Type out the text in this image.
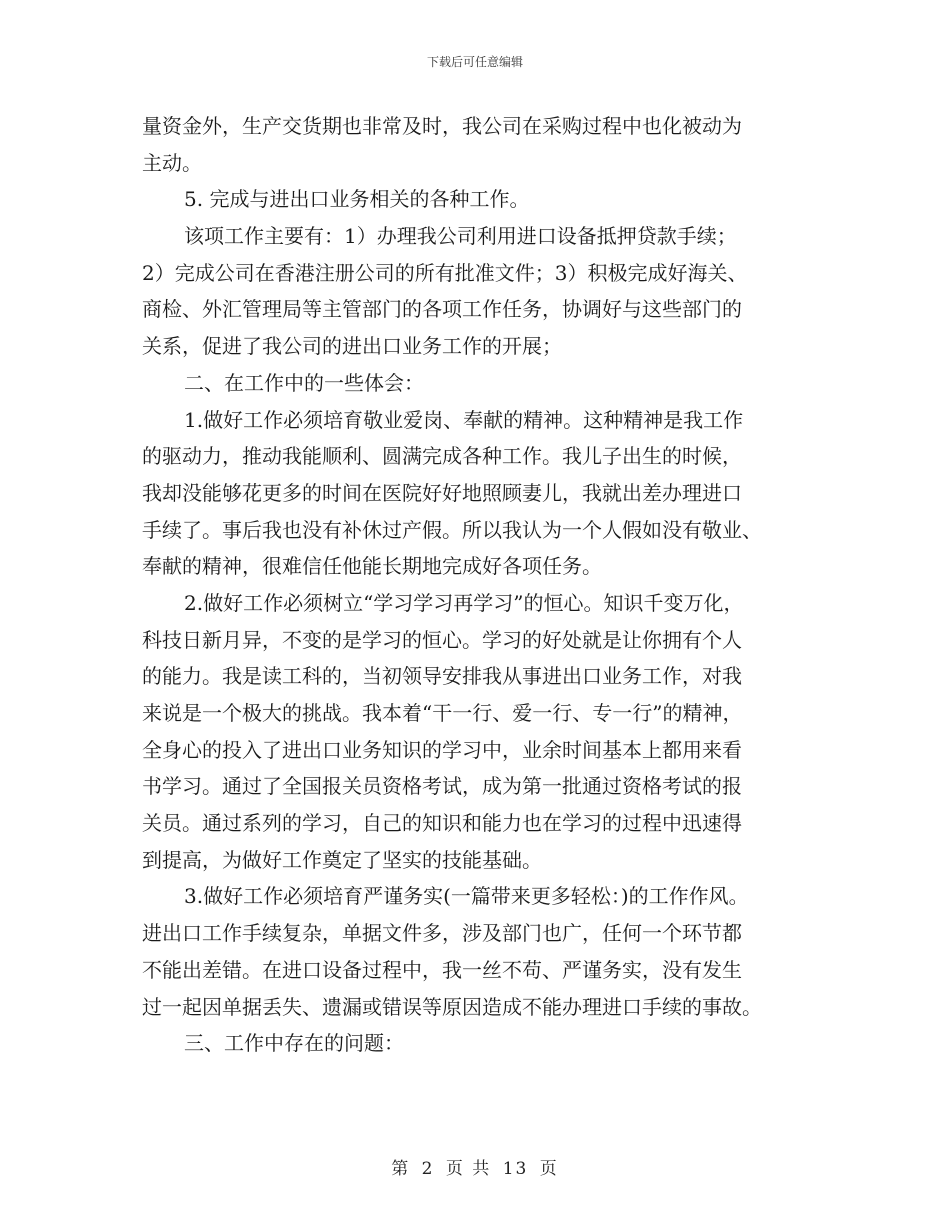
下载后可任意编辑
量资金外，生产交货期也非常及时，我公司在采购过程中也化被动为
主动。
5. 完成与进出口业务相关的各种工作。
该项工作主要有：1）办理我公司利用进口设备抵押贷款手续；
2）完成公司在香港注册公司的所有批准文件；3）积极完成好海关、
商检、外汇管理局等主管部门的各项工作任务，协调好与这些部门的
关系，促进了我公司的进出口业务工作的开展；
二、在工作中的一些体会：
1.做好工作必须培育敬业爱岗、奉献的精神。这种精神是我工作
的驱动力，推动我能顺利、圆满完成各种工作。我儿子出生的时候，
我却没能够花更多的时间在医院好好地照顾妻儿，我就出差办理进口
手续了。事后我也没有补休过产假。所以我认为一个人假如没有敬业、
奉献的精神，很难信任他能长期地完成好各项任务。
2.做好工作必须树立“学习学习再学习”的恒心。知识千变万化，
科技日新月异，不变的是学习的恒心。学习的好处就是让你拥有个人
的能力。我是读工科的，当初领导安排我从事进出口业务工作，对我
来说是一个极大的挑战。我本着“干一行、爱一行、专一行”的精神，
全身心的投入了进出口业务知识的学习中，业余时间基本上都用来看
书学习。通过了全国报关员资格考试，成为第一批通过资格考试的报
关员。通过系列的学习，自己的知识和能力也在学习的过程中迅速得
到提高，为做好工作奠定了坚实的技能基础。
3.做好工作必须培育严谨务实(一篇带来更多轻松：)的工作作风。
进出口工作手续复杂，单据文件多，涉及部门也广，任何一个环节都
不能出差错。在进口设备过程中，我一丝不苟、严谨务实，没有发生
过一起因单据丢失、遗漏或错误等原因造成不能办理进口手续的事故。
三、工作中存在的问题：
第 2 页 共 13 页
